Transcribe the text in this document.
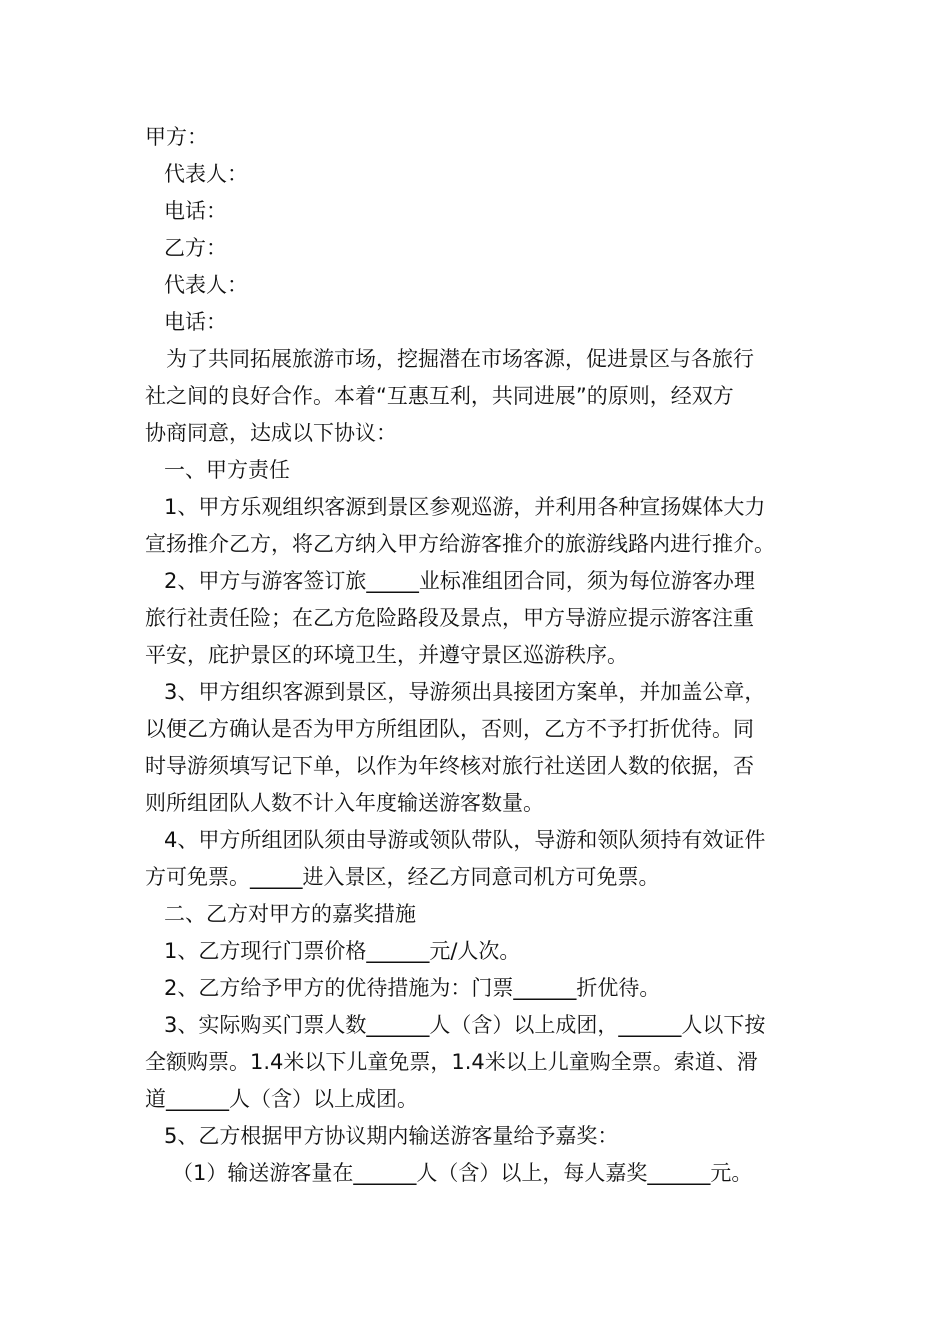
甲方：

代表人：

电话：

乙方：

代表人：

电话：

为了共同拓展旅游市场，挖掘潜在市场客源，促进景区与各旅行

社之间的良好合作。本着“互惠互利，共同进展”的原则，经双方

协商同意，达成以下协议：

一、甲方责任

1、甲方乐观组织客源到景区参观巡游，并利用各种宣扬媒体大力

宣扬推介乙方，将乙方纳入甲方给游客推介的旅游线路内进行推介。

2、甲方与游客签订旅_____业标准组团合同，须为每位游客办理

旅行社责任险；在乙方危险路段及景点，甲方导游应提示游客注重

平安，庇护景区的环境卫生，并遵守景区巡游秩序。

3、甲方组织客源到景区，导游须出具接团方案单，并加盖公章，

以便乙方确认是否为甲方所组团队，否则，乙方不予打折优待。同

时导游须填写记下单，以作为年终核对旅行社送团人数的依据，否

则所组团队人数不计入年度输送游客数量。

4、甲方所组团队须由导游或领队带队，导游和领队须持有效证件

方可免票。_____进入景区，经乙方同意司机方可免票。

二、乙方对甲方的嘉奖措施

1、乙方现行门票价格______元/人次。

2、乙方给予甲方的优待措施为：门票______折优待。

3、实际购买门票人数______人（含）以上成团，______人以下按

全额购票。1.4米以下儿童免票，1.4米以上儿童购全票。索道、滑

道______人（含）以上成团。

5、乙方根据甲方协议期内输送游客量给予嘉奖：

（1）输送游客量在______人（含）以上，每人嘉奖______元。
